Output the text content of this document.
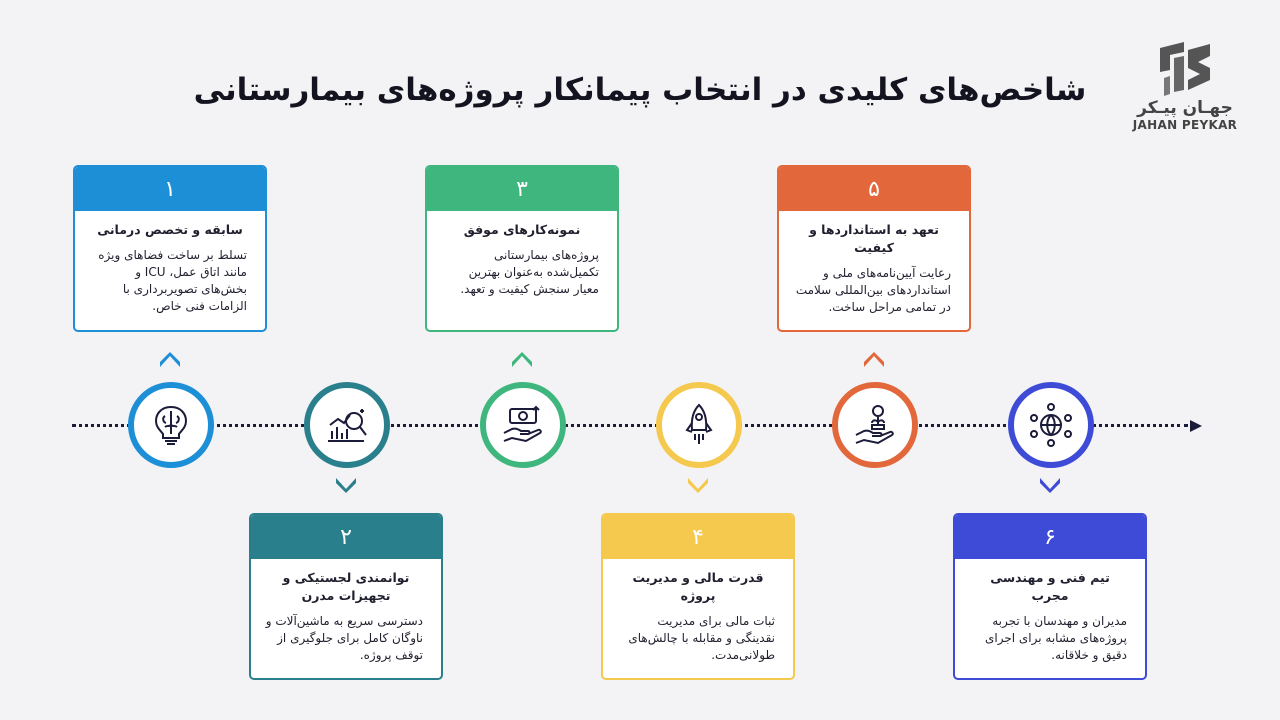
شاخص‌های کلیدی در انتخاب پیمانکار پروژه‌های بیمارستانی	جهـان پیـکر
JAHAN PEYKAR
۱
سابقه و تخصص درمانی
تسلط بر ساخت فضاهای ویژه مانند اتاق عمل، ICU و بخش‌های تصویربرداری با الزامات فنی خاص.
۲
توانمندی لجستیکی و تجهیزات مدرن
دسترسی سریع به ماشین‌آلات و ناوگان کامل برای جلوگیری از توقف پروژه.
۳
نمونه‌کارهای موفق
پروژه‌های بیمارستانی تکمیل‌شده به‌عنوان بهترین معیار سنجش کیفیت و تعهد.
۴
قدرت مالی و مدیریت پروژه
ثبات مالی برای مدیریت نقدینگی و مقابله با چالش‌های طولانی‌مدت.
۵
تعهد به استانداردها و کیفیت
رعایت آیین‌نامه‌های ملی و استانداردهای بین‌المللی سلامت در تمامی مراحل ساخت.
۶
تیم فنی و مهندسی مجرب
مدیران و مهندسان با تجربه پروژه‌های مشابه برای اجرای دقیق و خلاقانه.
